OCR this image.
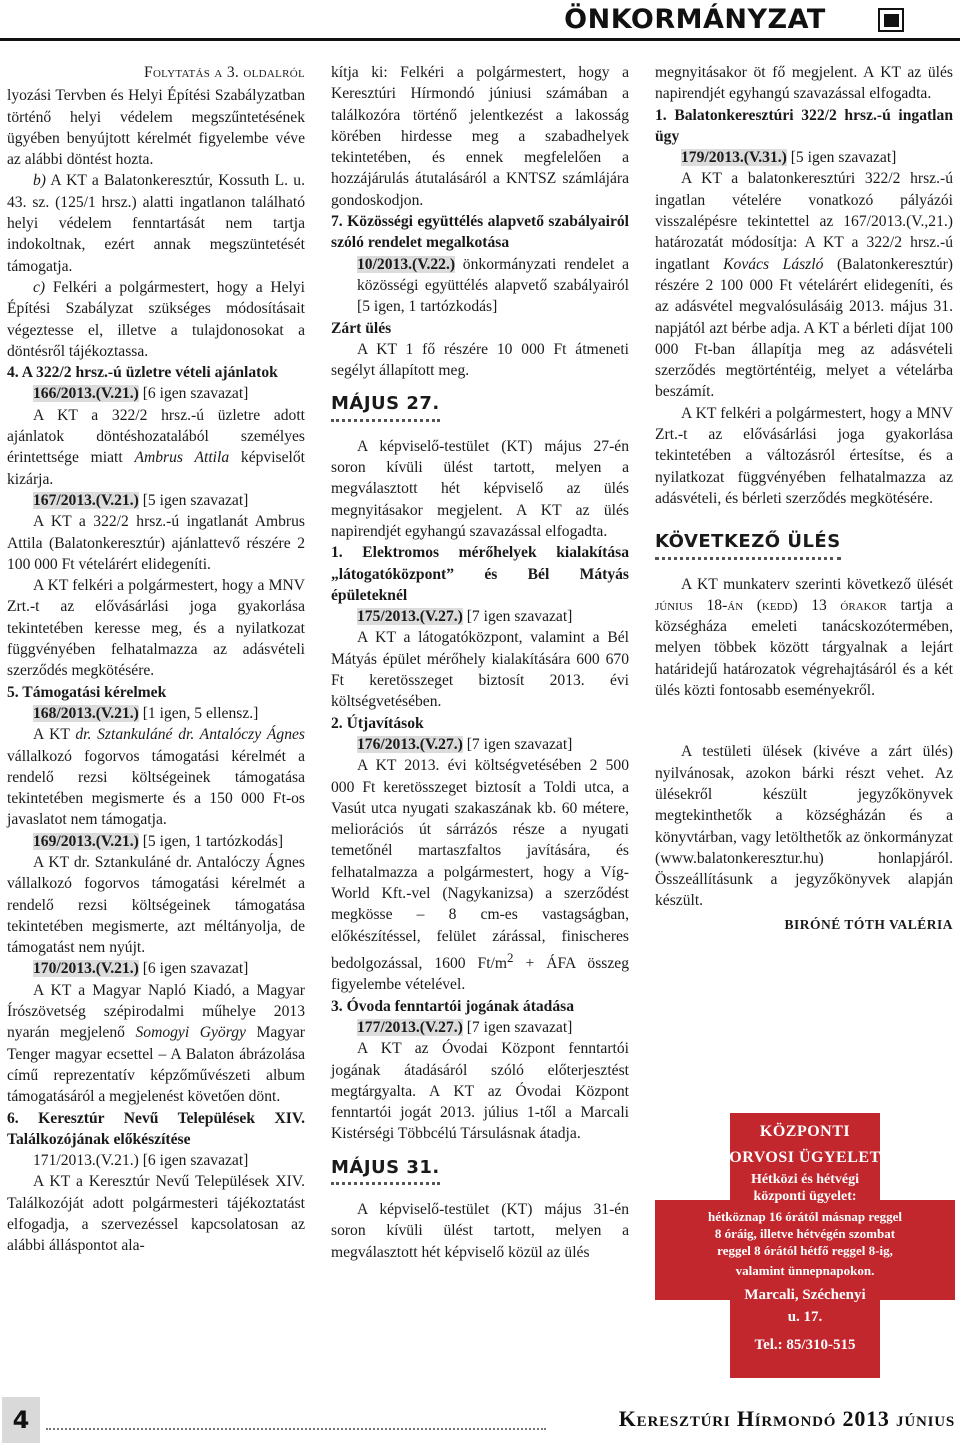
ÖNKORMÁNYZAT

Folytatás a 3. oldalról

lyozási Tervben és Helyi Építési Szabályzatban történő helyi védelem megszűntetésének ügyében benyújtott kérelmét figyelembe véve az alábbi döntést hozta.

b) A KT a Balatonkeresztúr, Kossuth L. u. 43. sz. (125/1 hrsz.) alatti ingatlanon található helyi védelem fenntartását nem tartja indokoltnak, ezért annak megszüntetését támogatja.

c) Felkéri a polgármestert, hogy a Helyi Építési Szabályzat szükséges módosításait végeztesse el, illetve a tulajdonosokat a döntésről tájékoztassa.

4. A 322/2 hrsz.-ú üzletre vételi ajánlatok

166/2013.(V.21.) [6 igen szavazat]

A KT a 322/2 hrsz.-ú üzletre adott ajánlatok döntéshozatalából személyes érintettsége miatt Ambrus Attila képviselőt kizárja.

167/2013.(V.21.) [5 igen szavazat]

A KT a 322/2 hrsz.-ú ingatlanát Ambrus Attila (Balatonkeresztúr) ajánlattevő részére 2 100 000 Ft vételárért elidegeníti.

A KT felkéri a polgármestert, hogy a MNV Zrt.-t az elővásárlási joga gyakorlása tekintetében keresse meg, és a nyilatkozat függvényében felhatalmazza az adásvételi szerződés megkötésére.

5. Támogatási kérelmek

168/2013.(V.21.) [1 igen, 5 ellensz.]

A KT dr. Sztankuláné dr. Antalóczy Ágnes vállalkozó fogorvos támogatási kérelmét a rendelő rezsi költségeinek támogatása tekintetében megismerte és a 150 000 Ft-os javaslatot nem támogatja.

169/2013.(V.21.) [5 igen, 1 tartózkodás]

A KT dr. Sztankuláné dr. Antalóczy Ágnes vállalkozó fogorvos támogatási kérelmét a rendelő rezsi költségeinek támogatása tekintetében megismerte, azt méltányolja, de támogatást nem nyújt.

170/2013.(V.21.) [6 igen szavazat]

A KT a Magyar Napló Kiadó, a Magyar Írószövetség szépirodalmi műhelye 2013 nyarán megjelenő Somogyi György Magyar Tenger magyar ecsettel – A Balaton ábrázolása című reprezentatív képzőművészeti album támogatásáról a megjelenést követően dönt.

6. Keresztúr Nevű Települések XIV. Találkozójának előkészítése

171/2013.(V.21.) [6 igen szavazat]

A KT a Keresztúr Nevű Települések XIV. Találkozóját adott polgármesteri tájékoztatást elfogadja, a szervezéssel kapcsolatosan az alábbi álláspontot ala-

kítja ki: Felkéri a polgármestert, hogy a Keresztúri Hírmondó júniusi számában a találkozóra történő jelentkezést a lakosság körében hirdesse meg a szabadhelyek tekintetében, és ennek megfelelően a hozzájárulás átutalásáról a KNTSZ számlájára gondoskodjon.

7. Közösségi együttélés alapvető szabályairól szóló rendelet megalkotása

10/2013.(V.22.) önkormányzati rendelet a közösségi együttélés alapvető szabályairól [5 igen, 1 tartózkodás]

Zárt ülés

A KT 1 fő részére 10 000 Ft átmeneti segélyt állapított meg.

MÁJUS 27.

A képviselő-testület (KT) május 27-én soron kívüli ülést tartott, melyen a megválasztott hét képviselő az ülés megnyitásakor megjelent. A KT az ülés napirendjét egyhangú szavazással elfogadta.

1. Elektromos mérőhelyek kialakítása „látogatóközpont” és Bél Mátyás épületeknél

175/2013.(V.27.) [7 igen szavazat]

A KT a látogatóközpont, valamint a Bél Mátyás épület mérőhely kialakítására 600 670 Ft keretösszeget biztosít 2013. évi költségvetésében.

2. Útjavítások

176/2013.(V.27.) [7 igen szavazat]

A KT 2013. évi költségvetésében 2 500 000 Ft keretösszeget biztosít a Toldi utca, a Vasút utca nyugati szakaszának kb. 60 métere, meliorációs út sárrázós része a nyugati temetőnél martaszfaltos javítására, és felhatalmazza a polgármestert, hogy a Víg-World Kft.-vel (Nagykanizsa) a szerződést megkösse – 8 cm-es vastagságban, előkészítéssel, felület zárással, finischeres bedolgozással, 1600 $Ft/m^2$ + ÁFA összeg figyelembe vételével.

3. Óvoda fenntartói jogának átadása

177/2013.(V.27.) [7 igen szavazat]

A KT az Óvodai Központ fenntartói jogának átadásáról szóló előterjesztést megtárgyalta. A KT az Óvodai Központ fenntartói jogát 2013. július 1-től a Marcali Kistérségi Többcélú Társulásnak átadja.

MÁJUS 31.

A képviselő-testület (KT) május 31-én soron kívüli ülést tartott, melyen a megválasztott hét képviselő közül az ülés

megnyitásakor öt fő megjelent. A KT az ülés napirendjét egyhangú szavazással elfogadta.

1. Balatonkeresztúri 322/2 hrsz.-ú ingatlan ügy

179/2013.(V.31.) [5 igen szavazat]

A KT a balatonkeresztúri 322/2 hrsz.-ú ingatlan vételére vonatkozó pályázói visszalépésre tekintettel az 167/2013.(V.,21.) határozatát módosítja: A KT a 322/2 hrsz.-ú ingatlant Kovács László (Balatonkeresztúr) részére 2 100 000 Ft vételárért elidegeníti, és az adásvétel megvalósulásáig 2013. május 31. napjától azt bérbe adja. A KT a bérleti díjat 100 000 Ft-ban állapítja meg az adásvételi szerződés megtörténtéig, melyet a vételárba beszámít.

A KT felkéri a polgármestert, hogy a MNV Zrt.-t az elővásárlási joga gyakorlása tekintetében a változásról értesítse, és a nyilatkozat függvényében felhatalmazza az adásvételi, és bérleti szerződés megkötésére.

KÖVETKEZŐ ÜLÉS

A KT munkaterv szerinti következő ülését június 18-án (kedd) 13 órakor tartja a községháza emeleti tanácskozótermében, melyen többek között tárgyalnak a lejárt határidejű határozatok végrehajtásáról és a két ülés közti fontosabb eseményekről.

A testületi ülések (kivéve a zárt ülés) nyilvánosak, azokon bárki részt vehet. Az ülésekről készült jegyzőkönyvek megtekinthetők a községházán és a könyvtárban, vagy letölthetők az önkormányzat (www.balatonkeresztur.hu) honlapjáról. Összeállításunk a jegyzőkönyvek alapján készült.

BIRÓNÉ TÓTH VALÉRIA

KÖZPONTI

ORVOSI ÜGYELET

Hétközi és hétvégi

központi ügyelet:

hétköznap 16 órától másnap reggel

8 óráig, illetve hétvégén szombat

reggel 8 órától hétfő reggel 8-ig,

valamint ünnepnapokon.

Marcali, Széchenyi

u. 17.

Tel.: 85/310-515

4	Keresztúri Hírmondó 2013 június
